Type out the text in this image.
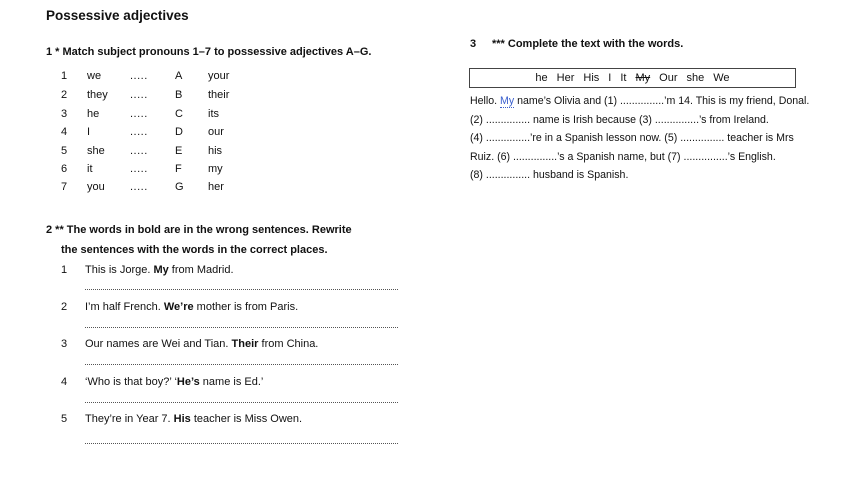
Possessive adjectives
1 * Match subject pronouns 1–7 to possessive adjectives A–G.
1 we	..... A your
2 they ..... B their
3 he	..... C its
4 I	..... D our
5 she ..... E his
6 it	..... F my
7 you ..... G her
2 ** The words in bold are in the wrong sentences. Rewrite
the sentences with the words in the correct places.
1 This is Jorge. My from Madrid.
2 I’m half French. We’re mother is from Paris.
3 Our names are Wei and Tian. Their from China.
4 ‘Who is that boy?’ ‘He’s name is Ed.’
5 They’re in Year 7. His teacher is Miss Owen.
3 *** Complete the text with the words.
he Her His I It My Our she We
Hello. My name’s Olivia and (1) ...............’m 14. This is my friend, Donal.
(2) ............... name is Irish because (3) ...............’s from Ireland.
(4) ...............’re in a Spanish lesson now. (5) ............... teacher is Mrs
Ruiz. (6) ...............’s a Spanish name, but (7) ...............’s English.
(8) ............... husband is Spanish.
